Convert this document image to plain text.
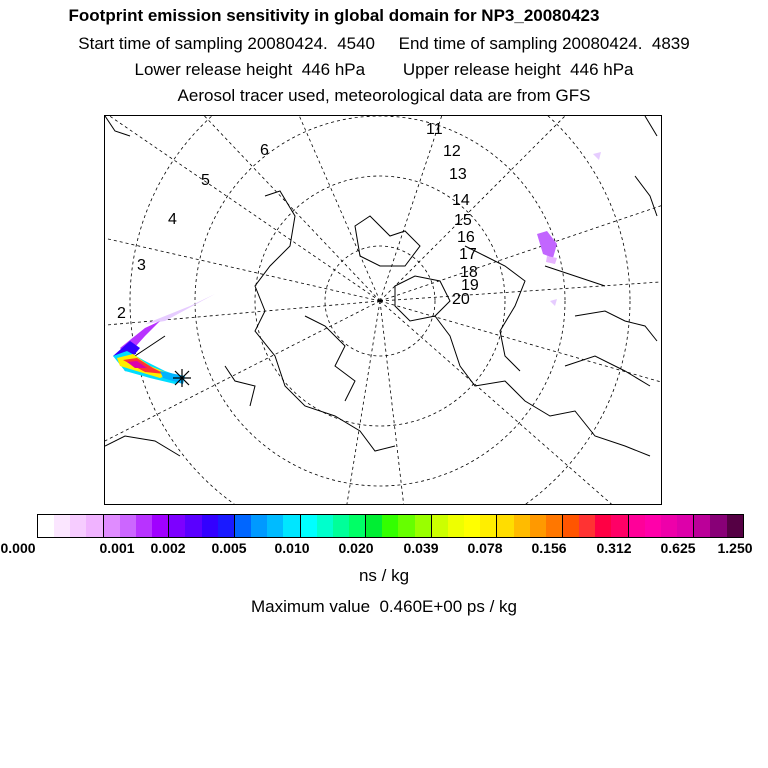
Footprint emission sensitivity in global domain for NP3_20080423
Start time of sampling 20080424.  4540     End time of sampling 20080424.  4839
Lower release height  446 hPa        Upper release height  446 hPa
Aerosol tracer used, meteorological data are from GFS
2
3
4
5
6
11
12
13
14
15
16
17
18
19
20
0.000	0.001 0.002 0.005 0.010 0.020 0.039 0.078 0.156 0.312 0.625 1.250
ns / kg
Maximum value  0.460E+00 ps / kg
